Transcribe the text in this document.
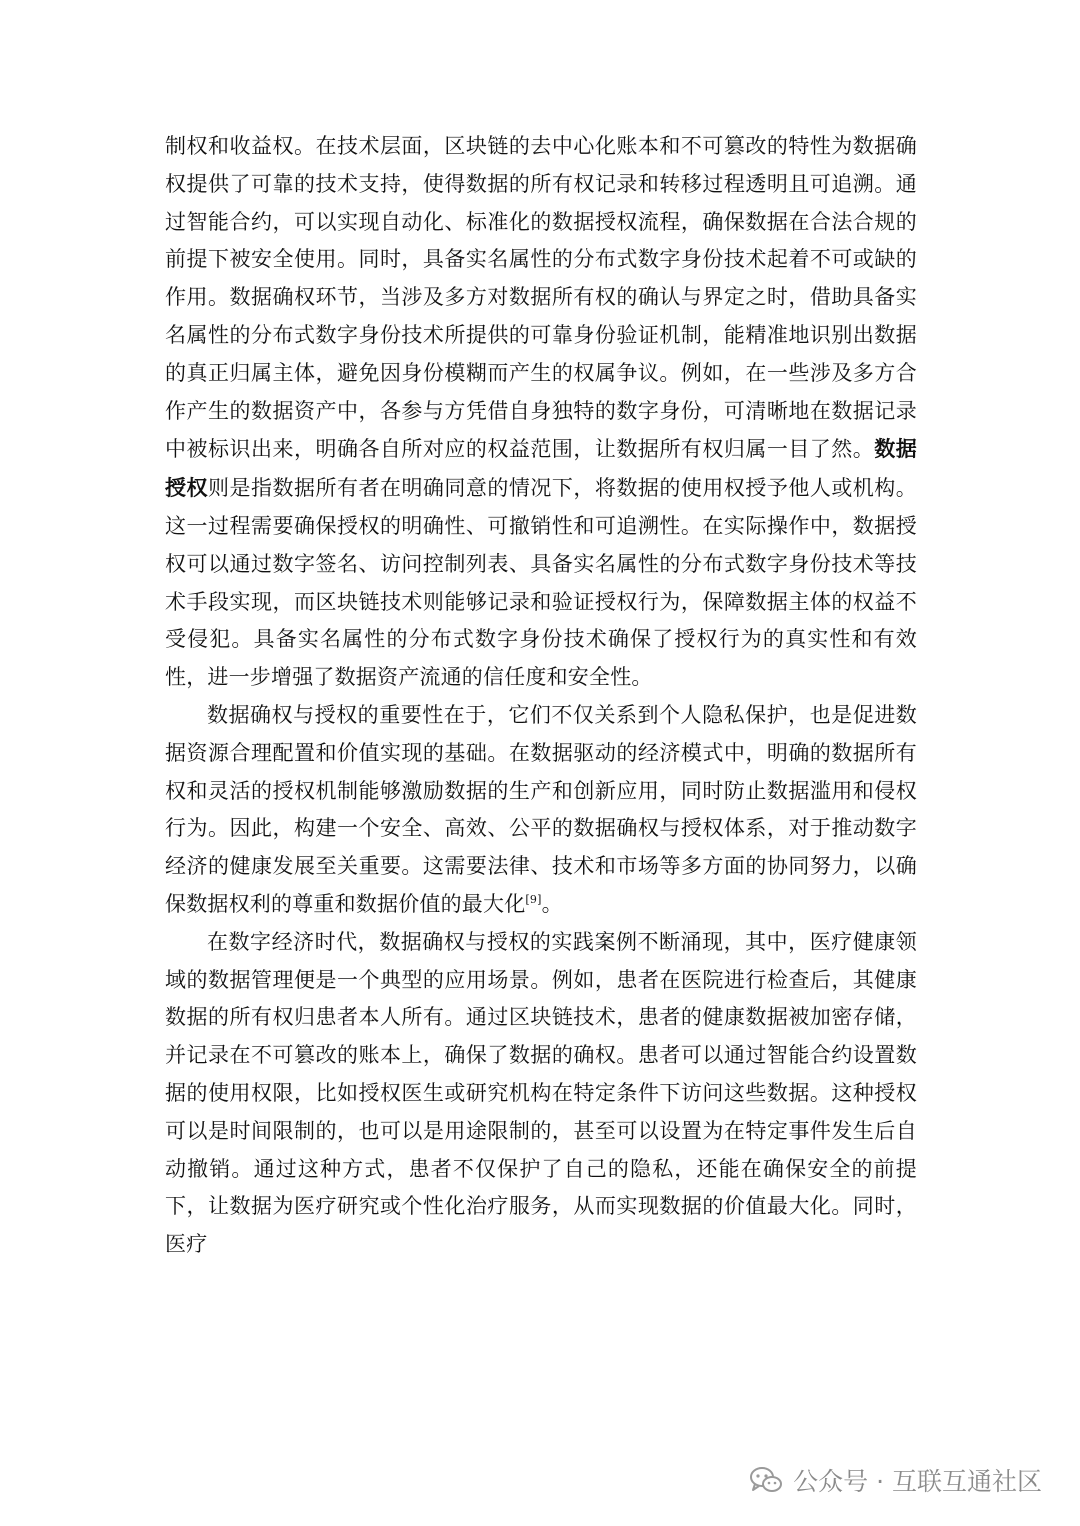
制权和收益权。在技术层面，区块链的去中心化账本和不可篡改的特性为数据确权提供了可靠的技术支持，使得数据的所有权记录和转移过程透明且可追溯。通过智能合约，可以实现自动化、标准化的数据授权流程，确保数据在合法合规的前提下被安全使用。同时，具备实名属性的分布式数字身份技术起着不可或缺的作用。数据确权环节，当涉及多方对数据所有权的确认与界定之时，借助具备实名属性的分布式数字身份技术所提供的可靠身份验证机制，能精准地识别出数据的真正归属主体，避免因身份模糊而产生的权属争议。例如，在一些涉及多方合作产生的数据资产中，各参与方凭借自身独特的数字身份，可清晰地在数据记录中被标识出来，明确各自所对应的权益范围，让数据所有权归属一目了然。数据授权则是指数据所有者在明确同意的情况下，将数据的使用权授予他人或机构。这一过程需要确保授权的明确性、可撤销性和可追溯性。在实际操作中，数据授权可以通过数字签名、访问控制列表、具备实名属性的分布式数字身份技术等技术手段实现，而区块链技术则能够记录和验证授权行为，保障数据主体的权益不受侵犯。具备实名属性的分布式数字身份技术确保了授权行为的真实性和有效性，进一步增强了数据资产流通的信任度和安全性。

数据确权与授权的重要性在于，它们不仅关系到个人隐私保护，也是促进数据资源合理配置和价值实现的基础。在数据驱动的经济模式中，明确的数据所有权和灵活的授权机制能够激励数据的生产和创新应用，同时防止数据滥用和侵权行为。因此，构建一个安全、高效、公平的数据确权与授权体系，对于推动数字经济的健康发展至关重要。这需要法律、技术和市场等多方面的协同努力，以确保数据权利的尊重和数据价值的最大化[9]。

在数字经济时代，数据确权与授权的实践案例不断涌现，其中，医疗健康领域的数据管理便是一个典型的应用场景。例如，患者在医院进行检查后，其健康数据的所有权归患者本人所有。通过区块链技术，患者的健康数据被加密存储，并记录在不可篡改的账本上，确保了数据的确权。患者可以通过智能合约设置数据的使用权限，比如授权医生或研究机构在特定条件下访问这些数据。这种授权可以是时间限制的，也可以是用途限制的，甚至可以设置为在特定事件发生后自动撤销。通过这种方式，患者不仅保护了自己的隐私，还能在确保安全的前提下，让数据为医疗研究或个性化治疗服务，从而实现数据的价值最大化。同时，医疗

公众号 · 互联互通社区
